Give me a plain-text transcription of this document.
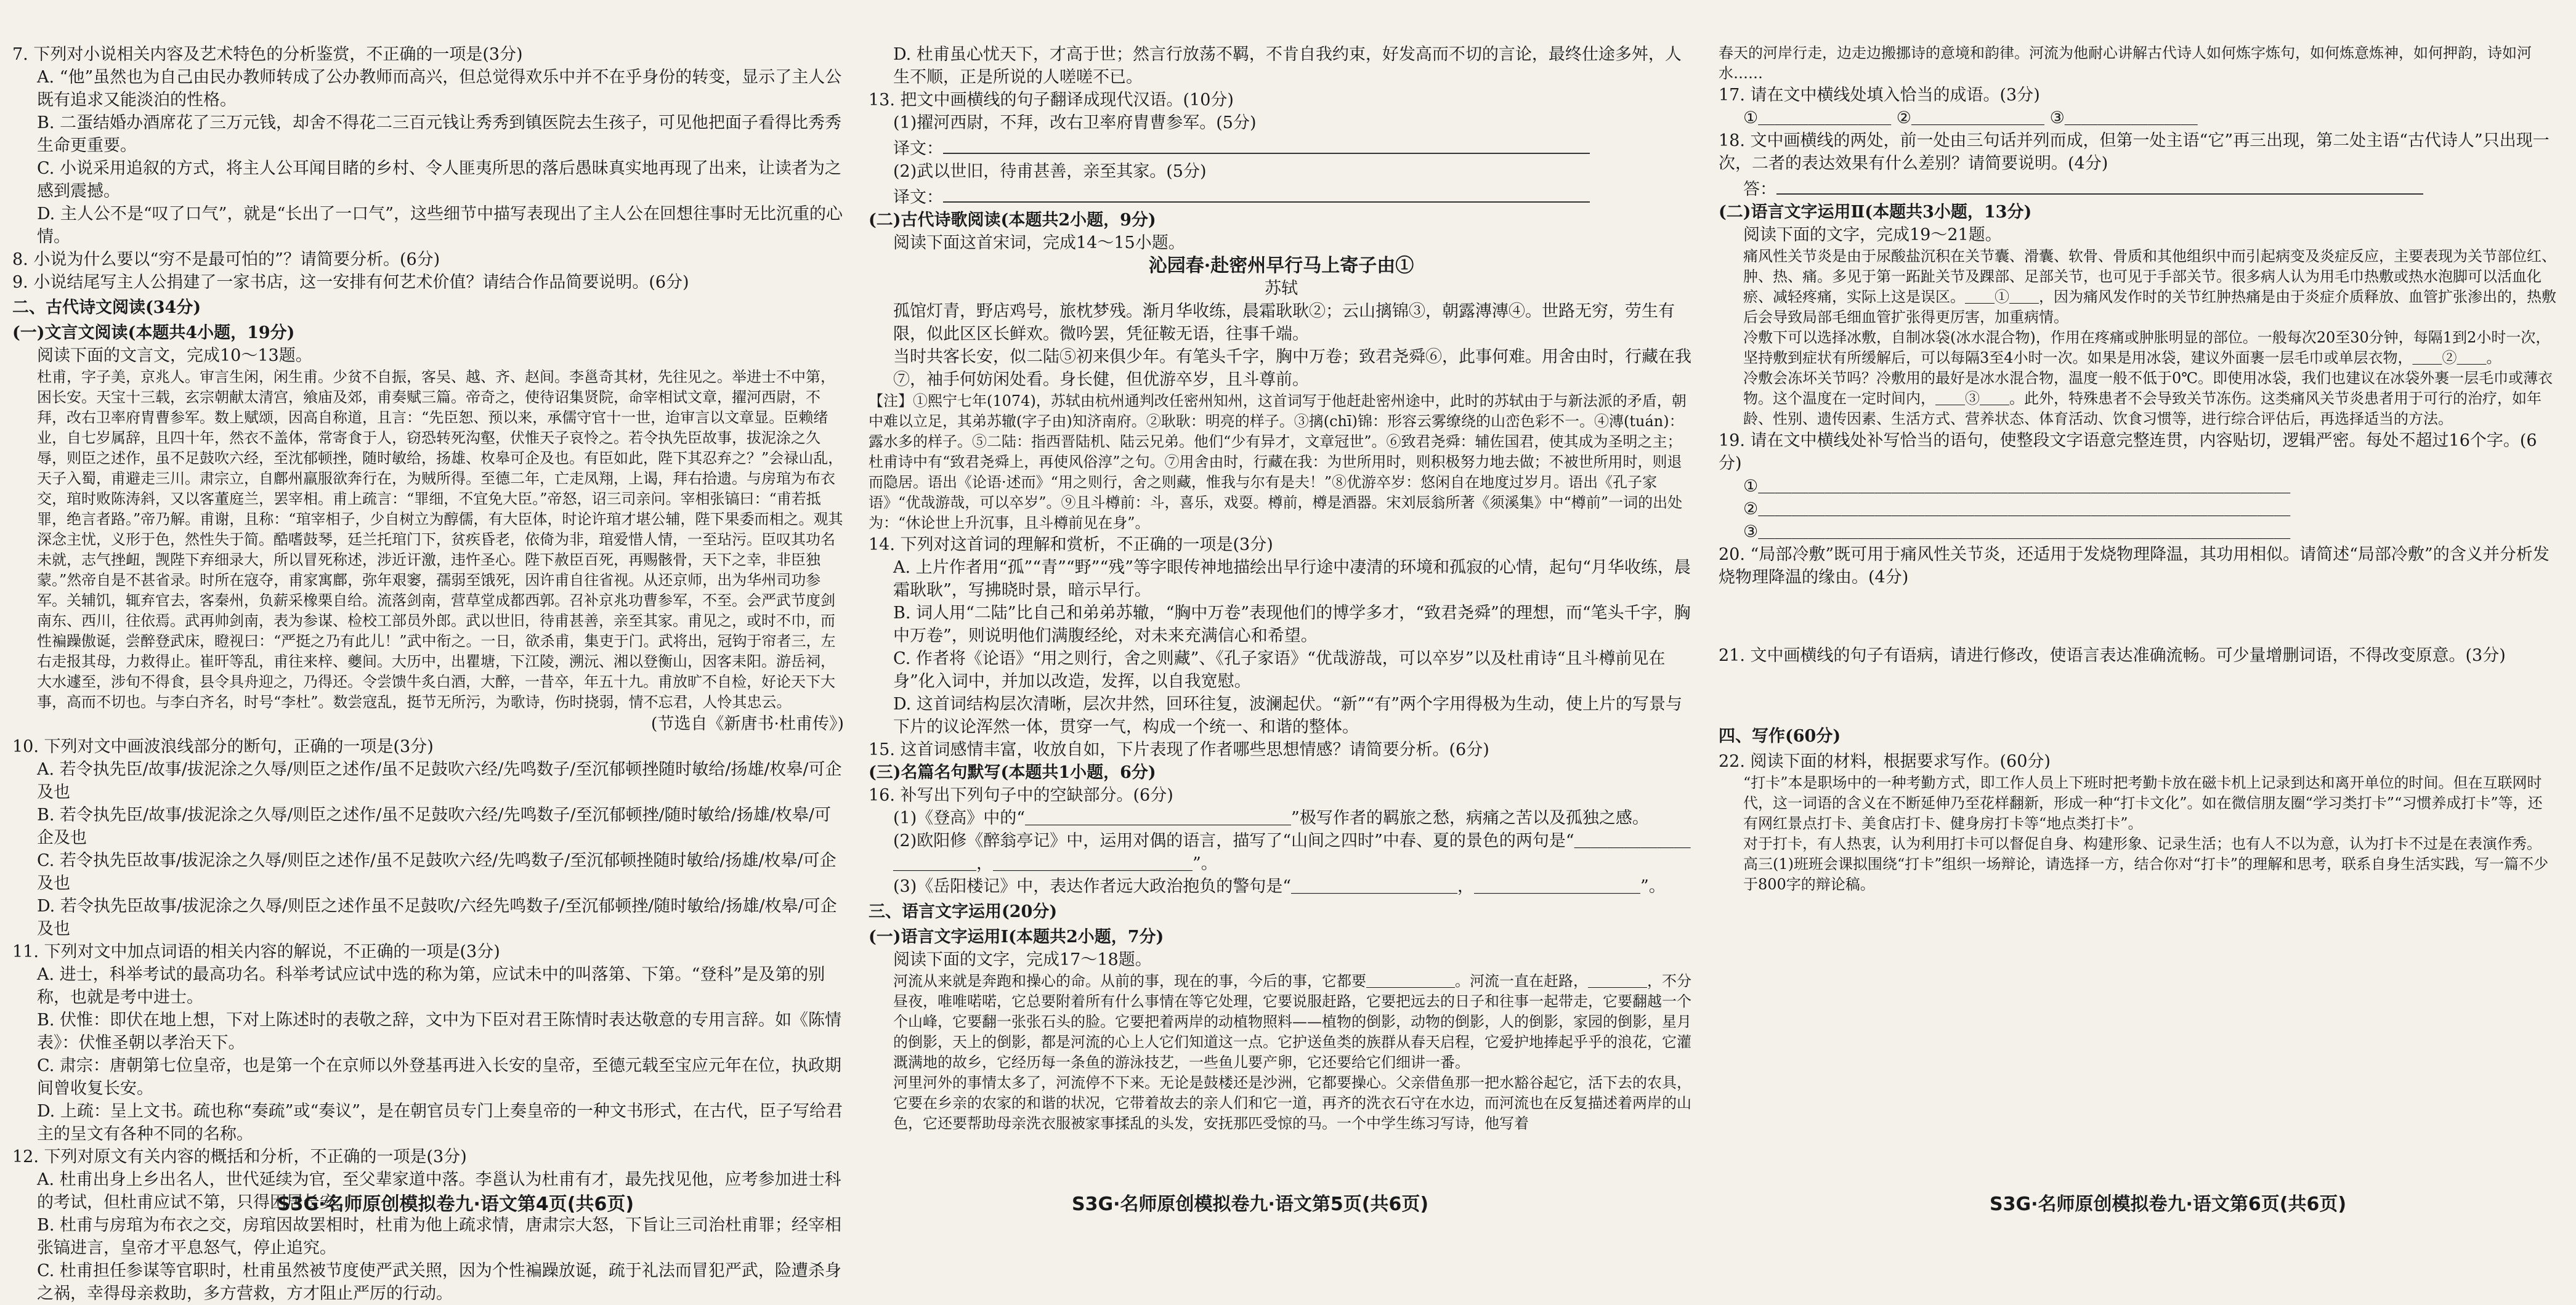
7. 下列对小说相关内容及艺术特色的分析鉴赏，不正确的一项是(3分)

A. “他”虽然也为自己由民办教师转成了公办教师而高兴，但总觉得欢乐中并不在乎身份的转变，显示了主人公既有追求又能淡泊的性格。

B. 二蛋结婚办酒席花了三万元钱，却舍不得花二三百元钱让秀秀到镇医院去生孩子，可见他把面子看得比秀秀生命更重要。

C. 小说采用追叙的方式，将主人公耳闻目睹的乡村、令人匪夷所思的落后愚昧真实地再现了出来，让读者为之感到震撼。

D. 主人公不是“叹了口气”，就是“长出了一口气”，这些细节中描写表现出了主人公在回想往事时无比沉重的心情。

8. 小说为什么要以“穷不是最可怕的”？请简要分析。(6分)

9. 小说结尾写主人公捐建了一家书店，这一安排有何艺术价值？请结合作品简要说明。(6分)

二、古代诗文阅读(34分)

(一)文言文阅读(本题共4小题，19分)

阅读下面的文言文，完成10～13题。

杜甫，字子美，京兆人。审言生闲，闲生甫。少贫不自振，客吴、越、齐、赵间。李邕奇其材，先往见之。举进士不中第，困长安。天宝十三载，玄宗朝献太清宫，飨庙及郊，甫奏赋三篇。帝奇之，使待诏集贤院，命宰相试文章，擢河西尉，不拜，改右卫率府胄曹参军。数上赋颂，因高自称道，且言：“先臣恕、预以来，承儒守官十一世，迨审言以文章显。臣赖绪业，自七岁属辞，且四十年，然衣不盖体，常寄食于人，窃恐转死沟壑，伏惟天子哀怜之。若令执先臣故事，拔泥涂之久辱，则臣之述作，虽不足鼓吹六经，至沈郁顿挫，随时敏给，扬雄、枚皋可企及也。有臣如此，陛下其忍弃之？”会禄山乱，天子入蜀，甫避走三川。肃宗立，自鄜州羸服欲奔行在，为贼所得。至德二年，亡走凤翔，上谒，拜右拾遗。与房琯为布衣交，琯时败陈涛斜，又以客董庭兰，罢宰相。甫上疏言：“罪细，不宜免大臣。”帝怒，诏三司亲问。宰相张镐曰：“甫若抵罪，绝言者路。”帝乃解。甫谢，且称：“琯宰相子，少自树立为醇儒，有大臣体，时论许琯才堪公辅，陛下果委而相之。观其深念主忧，义形于色，然性失于简。酷嗜鼓琴，廷兰托琯门下，贫疾昏老，依倚为非，琯爱惜人情，一至玷污。臣叹其功名未就，志气挫衄，觊陛下弃细录大，所以冒死称述，涉近讦激，违忤圣心。陛下赦臣百死，再赐骸骨，天下之幸，非臣独蒙。”然帝自是不甚省录。时所在寇夺，甫家寓鄜，弥年艰窭，孺弱至饿死，因许甫自往省视。从还京师，出为华州司功参军。关辅饥，辄弃官去，客秦州，负薪采橡栗自给。流落剑南，营草堂成都西郭。召补京兆功曹参军，不至。会严武节度剑南东、西川，往依焉。武再帅剑南，表为参谋、检校工部员外郎。武以世旧，待甫甚善，亲至其家。甫见之，或时不巾，而性褊躁傲诞，尝醉登武床，瞪视曰：“严挺之乃有此儿！”武中衔之。一日，欲杀甫，集吏于门。武将出，冠钩于帘者三，左右走报其母，力救得止。崔旰等乱，甫往来梓、夔间。大历中，出瞿塘，下江陵，溯沅、湘以登衡山，因客耒阳。游岳祠，大水遽至，涉旬不得食，县令具舟迎之，乃得还。令尝馈牛炙白酒，大醉，一昔卒，年五十九。甫放旷不自检，好论天下大事，高而不切也。与李白齐名，时号“李杜”。数尝寇乱，挺节无所污，为歌诗，伤时挠弱，情不忘君，人怜其忠云。

(节选自《新唐书·杜甫传》)

10. 下列对文中画波浪线部分的断句，正确的一项是(3分)

A. 若令执先臣/故事/拔泥涂之久辱/则臣之述作/虽不足鼓吹六经/先鸣数子/至沉郁顿挫随时敏给/扬雄/枚皋/可企及也

B. 若令执先臣/故事/拔泥涂之久辱/则臣之述作/虽不足鼓吹六经/先鸣数子/至沉郁顿挫/随时敏给/扬雄/枚皋/可企及也

C. 若令执先臣故事/拔泥涂之久辱/则臣之述作/虽不足鼓吹六经/先鸣数子/至沉郁顿挫随时敏给/扬雄/枚皋/可企及也

D. 若令执先臣故事/拔泥涂之久辱/则臣之述作虽不足鼓吹/六经先鸣数子/至沉郁顿挫/随时敏给/扬雄/枚皋/可企及也

11. 下列对文中加点词语的相关内容的解说，不正确的一项是(3分)

A. 进士，科举考试的最高功名。科举考试应试中选的称为第，应试未中的叫落第、下第。“登科”是及第的别称，也就是考中进士。

B. 伏惟：即伏在地上想，下对上陈述时的表敬之辞，文中为下臣对君王陈情时表达敬意的专用言辞。如《陈情表》：伏惟圣朝以孝治天下。

C. 肃宗：唐朝第七位皇帝，也是第一个在京师以外登基再进入长安的皇帝，至德元载至宝应元年在位，执政期间曾收复长安。

D. 上疏：呈上文书。疏也称“奏疏”或“奏议”，是在朝官员专门上奏皇帝的一种文书形式，在古代，臣子写给君主的呈文有各种不同的名称。

12. 下列对原文有关内容的概括和分析，不正确的一项是(3分)

A. 杜甫出身上乡出名人，世代延续为官，至父辈家道中落。李邕认为杜甫有才，最先找见他，应考参加进士科的考试，但杜甫应试不第，只得困居长安。

B. 杜甫与房琯为布衣之交，房琯因故罢相时，杜甫为他上疏求情，唐肃宗大怒，下旨让三司治杜甫罪；经宰相张镐进言，皇帝才平息怒气，停止追究。

C. 杜甫担任参谋等官职时，杜甫虽然被节度使严武关照，因为个性褊躁放诞，疏于礼法而冒犯严武，险遭杀身之祸，幸得母亲救助，多方营救，方才阻止严厉的行动。

D. 杜甫虽心忧天下，才高于世；然言行放荡不羁，不肯自我约束，好发高而不切的言论，最终仕途多舛，人生不顺，正是所说的人嗟嗟不已。

13. 把文中画横线的句子翻译成现代汉语。(10分)

(1)擢河西尉，不拜，改右卫率府胄曹参军。(5分)

译文：

(2)武以世旧，待甫甚善，亲至其家。(5分)

译文：

(二)古代诗歌阅读(本题共2小题，9分)

阅读下面这首宋词，完成14～15小题。

沁园春·赴密州早行马上寄子由①

苏轼

孤馆灯青，野店鸡号，旅枕梦残。渐月华收练，晨霜耿耿②；云山摛锦③，朝露漙漙④。世路无穷，劳生有限，似此区区长鲜欢。微吟罢，凭征鞍无语，往事千端。

当时共客长安，似二陆⑤初来俱少年。有笔头千字，胸中万卷；致君尧舜⑥，此事何难。用舍由时，行藏在我⑦，袖手何妨闲处看。身长健，但优游卒岁，且斗尊前。

【注】①熙宁七年(1074)，苏轼由杭州通判改任密州知州，这首词写于他赶赴密州途中，此时的苏轼由于与新法派的矛盾，朝中难以立足，其弟苏辙(字子由)知济南府。②耿耿：明亮的样子。③摛(chī)锦：形容云雾缭绕的山峦色彩不一。④漙(tuán)：露水多的样子。⑤二陆：指西晋陆机、陆云兄弟。他们“少有异才，文章冠世”。⑥致君尧舜：辅佐国君，使其成为圣明之主；杜甫诗中有“致君尧舜上，再使风俗淳”之句。⑦用舍由时，行藏在我：为世所用时，则积极努力地去做；不被世所用时，则退而隐居。语出《论语·述而》“用之则行，舍之则藏，惟我与尔有是夫！”⑧优游卒岁：悠闲自在地度过岁月。语出《孔子家语》“优哉游哉，可以卒岁”。⑨且斗樽前：斗，喜乐，戏耍。樽前，樽是酒器。宋刘辰翁所著《须溪集》中“樽前”一词的出处为：“休论世上升沉事，且斗樽前见在身”。

14. 下列对这首词的理解和赏析，不正确的一项是(3分)

A. 上片作者用“孤”“青”“野”“残”等字眼传神地描绘出早行途中凄清的环境和孤寂的心情，起句“月华收练，晨霜耿耿”，写拂晓时景，暗示早行。

B. 词人用“二陆”比自己和弟弟苏辙，“胸中万卷”表现他们的博学多才，“致君尧舜”的理想，而“笔头千字，胸中万卷”，则说明他们满腹经纶，对未来充满信心和希望。

C. 作者将《论语》“用之则行，舍之则藏”、《孔子家语》“优哉游哉，可以卒岁”以及杜甫诗“且斗樽前见在身”化入词中，并加以改造，发挥，以自我宽慰。

D. 这首词结构层次清晰，层次井然，回环往复，波澜起伏。“新”“有”两个字用得极为生动，使上片的写景与下片的议论浑然一体，贯穿一气，构成一个统一、和谐的整体。

15. 这首词感情丰富，收放自如，下片表现了作者哪些思想情感？请简要分析。(6分)

(三)名篇名句默写(本题共1小题，6分)

16. 补写出下列句子中的空缺部分。(6分)

(1)《登高》中的“＿＿＿＿＿＿＿＿＿＿＿＿＿＿＿＿”极写作者的羁旅之愁，病痛之苦以及孤独之感。

(2)欧阳修《醉翁亭记》中，运用对偶的语言，描写了“山间之四时”中春、夏的景色的两句是“＿＿＿＿＿＿＿＿＿＿＿＿，＿＿＿＿＿＿＿＿＿＿＿＿”。

(3)《岳阳楼记》中，表达作者远大政治抱负的警句是“＿＿＿＿＿＿＿＿＿＿，＿＿＿＿＿＿＿＿＿＿”。

三、语言文字运用(20分)

(一)语言文字运用Ⅰ(本题共2小题，7分)

阅读下面的文字，完成17～18题。

河流从来就是奔跑和操心的命。从前的事，现在的事，今后的事，它都要＿＿＿＿＿＿。河流一直在赶路，＿＿＿＿，不分昼夜，唯唯喏喏，它总要附着所有什么事情在等它处理，它要说服赶路，它要把远去的日子和往事一起带走，它要翻越一个个山峰，它要翻一张张石头的脸。它要把着两岸的动植物照料——植物的倒影，动物的倒影，人的倒影，家园的倒影，星月的倒影，天上的倒影，都是河流的心上人它们知道这一点。它护送鱼类的族群从春天启程，它爱护地捧起乎乎的浪花，它灌溉满地的故乡，它经历每一条鱼的游泳技艺，一些鱼儿要产卵，它还要给它们细讲一番。

河里河外的事情太多了，河流停不下来。无论是鼓楼还是沙洲，它都要操心。父亲借鱼那一把水豁谷起它，活下去的农具，它要在乡亲的农家的和谐的状况，它带着故去的亲人们和它一道，再齐的洗衣石守在水边，而河流也在反复描述着两岸的山色，它还要帮助母亲洗衣服被家事揉乱的头发，安抚那匹受惊的马。一个中学生练习写诗，他写着

春天的河岸行走，边走边搬挪诗的意境和韵律。河流为他耐心讲解古代诗人如何炼字炼句，如何炼意炼神，如何押韵，诗如河水……

17. 请在文中横线处填入恰当的成语。(3分)

①＿＿＿＿＿＿＿＿ ②＿＿＿＿＿＿＿＿ ③＿＿＿＿＿＿＿＿

18. 文中画横线的两处，前一处由三句话并列而成，但第一处主语“它”再三出现，第二处主语“古代诗人”只出现一次，二者的表达效果有什么差别？请简要说明。(4分)

答：

(二)语言文字运用Ⅱ(本题共3小题，13分)

阅读下面的文字，完成19～21题。

痛风性关节炎是由于尿酸盐沉积在关节囊、滑囊、软骨、骨质和其他组织中而引起病变及炎症反应，主要表现为关节部位红、肿、热、痛。多见于第一跖趾关节及踝部、足部关节，也可见于手部关节。很多病人认为用毛巾热敷或热水泡脚可以活血化瘀、减轻疼痛，实际上这是误区。＿＿①＿＿，因为痛风发作时的关节红肿热痛是由于炎症介质释放、血管扩张渗出的，热敷后会导致局部毛细血管扩张得更厉害，加重病情。

冷敷下可以选择冰敷，自制冰袋(冰水混合物)，作用在疼痛或肿胀明显的部位。一般每次20至30分钟，每隔1到2小时一次，坚持敷到症状有所缓解后，可以每隔3至4小时一次。如果是用冰袋，建议外面裹一层毛巾或单层衣物，＿＿②＿＿。

冷敷会冻坏关节吗？冷敷用的最好是冰水混合物，温度一般不低于0℃。即使用冰袋，我们也建议在冰袋外裹一层毛巾或薄衣物。这个温度在一定时间内，＿＿③＿＿。此外，特殊患者不会导致关节冻伤。这类痛风关节炎患者用于可行的治疗，如年龄、性别、遗传因素、生活方式、营养状态、体育活动、饮食习惯等，进行综合评估后，再选择适当的方法。

19. 请在文中横线处补写恰当的语句，使整段文字语意完整连贯，内容贴切，逻辑严密。每处不超过16个字。(6分)

①＿＿＿＿＿＿＿＿＿＿＿＿＿＿＿＿＿＿＿＿＿＿＿＿＿＿＿＿＿＿＿＿

②＿＿＿＿＿＿＿＿＿＿＿＿＿＿＿＿＿＿＿＿＿＿＿＿＿＿＿＿＿＿＿＿

③＿＿＿＿＿＿＿＿＿＿＿＿＿＿＿＿＿＿＿＿＿＿＿＿＿＿＿＿＿＿＿＿

20. “局部冷敷”既可用于痛风性关节炎，还适用于发烧物理降温，其功用相似。请简述“局部冷敷”的含义并分析发烧物理降温的缘由。(4分)

21. 文中画横线的句子有语病，请进行修改，使语言表达准确流畅。可少量增删词语，不得改变原意。(3分)

四、写作(60分)

22. 阅读下面的材料，根据要求写作。(60分)

“打卡”本是职场中的一种考勤方式，即工作人员上下班时把考勤卡放在磁卡机上记录到达和离开单位的时间。但在互联网时代，这一词语的含义在不断延伸乃至花样翻新，形成一种“打卡文化”。如在微信朋友圈“学习类打卡”“习惯养成打卡”等，还有网红景点打卡、美食店打卡、健身房打卡等“地点类打卡”。

对于打卡，有人热衷，认为利用打卡可以督促自身、构建形象、记录生活；也有人不以为意，认为打卡不过是在表演作秀。

高三(1)班班会课拟围绕“打卡”组织一场辩论，请选择一方，结合你对“打卡”的理解和思考，联系自身生活实践，写一篇不少于800字的辩论稿。

S3G·名师原创模拟卷九·语文第4页(共6页)	S3G·名师原创模拟卷九·语文第5页(共6页)	S3G·名师原创模拟卷九·语文第6页(共6页)
